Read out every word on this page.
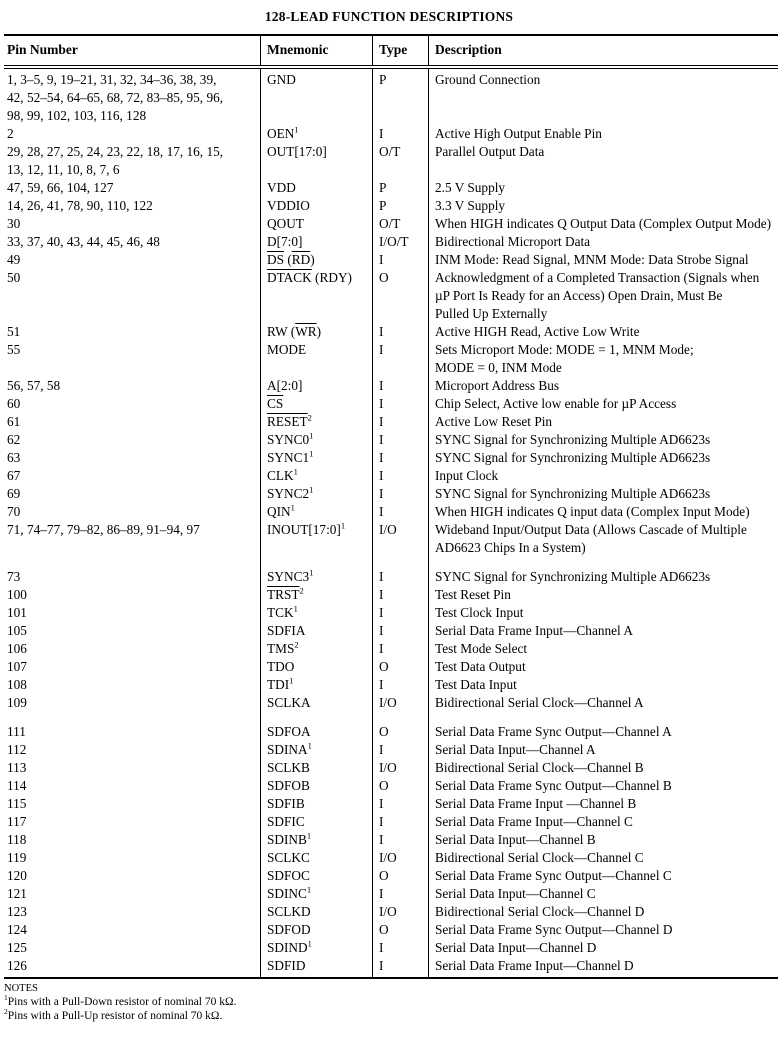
128-LEAD FUNCTION DESCRIPTIONS
Pin Number	Mnemonic	Type	Description
1, 3–5, 9, 19–21, 31, 32, 34–36, 38, 39,
42, 52–54, 64–65, 68, 72, 83–85, 95, 96,
98, 99, 102, 103, 116, 128	GND	P	Ground Connection
2	OEN$^1$	I	Active High Output Enable Pin
29, 28, 27, 25, 24, 23, 22, 18, 17, 16, 15,
13, 12, 11, 10, 8, 7, 6	OUT[17:0]	O/T	Parallel Output Data
47, 59, 66, 104, 127	VDD	P	2.5 V Supply
14, 26, 41, 78, 90, 110, 122	VDDIO	P	3.3 V Supply
30	QOUT	O/T	When HIGH indicates Q Output Data (Complex Output Mode)
33, 37, 40, 43, 44, 45, 46, 48	D[7:0]	I/O/T	Bidirectional Microport Data
49	$\overline{DS}$ $(\overline{RD})$	I	INM Mode: Read Signal, MNM Mode: Data Strobe Signal
50	DTACK (RDY)	O	Acknowledgment of a Completed Transaction (Signals when
µP Port Is Ready for an Access) Open Drain, Must Be
Pulled Up Externally
51	RW $(\overline{WR})$	I	Active HIGH Read, Active Low Write
55	MODE	I	Sets Microport Mode: MODE = 1, MNM Mode;
MODE = 0, INM Mode
56, 57, 58	A[2:0]	I	Microport Address Bus
60	$\overline{CS}$	I	Chip Select, Active low enable for µP Access
61	RESET$^2$	I	Active Low Reset Pin
62	$SYNC0^1$	I	SYNC Signal for Synchronizing Multiple AD6623s
63	$SYNC1^1$	I	SYNC Signal for Synchronizing Multiple AD6623s
67	CLK$^1$	I	Input Clock
69	$SYNC2^1$	I	SYNC Signal for Synchronizing Multiple AD6623s
70	QIN$^1$	I	When HIGH indicates Q input data (Complex Input Mode)
71, 74–77, 79–82, 86–89, 91–94, 97	INOUT[17:0]$^1$	I/O	Wideband Input/Output Data (Allows Cascade of Multiple
AD6623 Chips In a System)
73	$SYNC3^1$	I	SYNC Signal for Synchronizing Multiple AD6623s
100	TRST$^2$	I	Test Reset Pin
101	TCK$^1$	I	Test Clock Input
105	SDFIA	I	Serial Data Frame Input—Channel A
106	TMS$^2$	I	Test Mode Select
107	TDO	O	Test Data Output
108	TDI$^1$	I	Test Data Input
109	SCLKA	I/O	Bidirectional Serial Clock—Channel A
111	SDFOA	O	Serial Data Frame Sync Output—Channel A
112	SDINA$^1$	I	Serial Data Input—Channel A
113	SCLKB	I/O	Bidirectional Serial Clock—Channel B
114	SDFOB	O	Serial Data Frame Sync Output—Channel B
115	SDFIB	I	Serial Data Frame Input —Channel B
117	SDFIC	I	Serial Data Frame Input—Channel C
118	SDINB$^1$	I	Serial Data Input—Channel B
119	SCLKC	I/O	Bidirectional Serial Clock—Channel C
120	SDFOC	O	Serial Data Frame Sync Output—Channel C
121	SDINC$^1$	I	Serial Data Input—Channel C
123	SCLKD	I/O	Bidirectional Serial Clock—Channel D
124	SDFOD	O	Serial Data Frame Sync Output—Channel D
125	SDIND$^1$	I	Serial Data Input—Channel D
126	SDFID	I	Serial Data Frame Input—Channel D
NOTES
$^1$Pins with a Pull-Down resistor of nominal 70 kΩ.
$^2$Pins with a Pull-Up resistor of nominal 70 kΩ.
